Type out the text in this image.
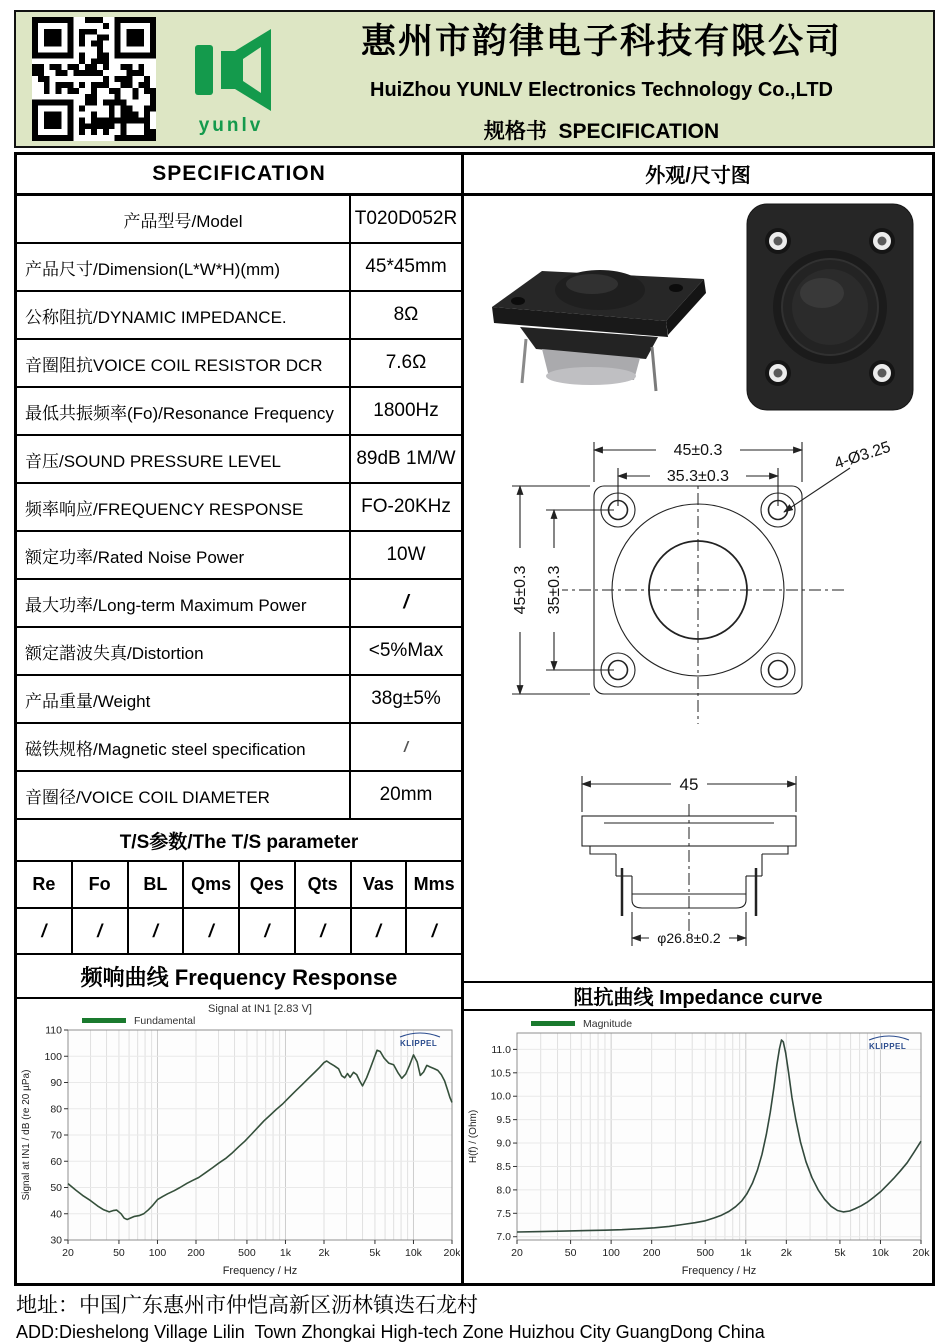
yunlv
惠州市韵律电子科技有限公司
HuiZhou YUNLV Electronics Technology Co.,LTD
规格书  SPECIFICATION
SPECIFICATION
产品型号/Model	T020D052R
产品尺寸/Dimension(L*W*H)(mm)	45*45mm
公称阻抗/DYNAMIC IMPEDANCE.	8Ω
音圈阻抗VOICE COIL RESISTOR DCR	7.6Ω
最低共振频率(Fo)/Resonance Frequency	1800Hz
音压/SOUND PRESSURE LEVEL	89dB 1M/W
频率响应/FREQUENCY RESPONSE	FO-20KHz
额定功率/Rated Noise Power	10W
最大功率/Long-term Maximum Power	/
额定諧波失真/Distortion	<5%Max
产品重量/Weight	38g±5%
磁铁规格/Magnetic steel specification	/
音圈径/VOICE COIL DIAMETER	20mm
T/S参数/The T/S parameter
Re	Fo	BL	Qms	Qes	Qts	Vas	Mms
/	/	/	/	/	/	/	/
频响曲线 Frequency Response
20	50 100 200	500 1k	2k	5k 10k 20k
30
40
50
60
70
80
90
100
110
Fundamental
Signal at IN1 [2.83 V]
Frequency / Hz
Signal at IN1 / dB (re 20 µPa)
KLIPPEL
外观/尺寸图
45±0.3
35.3±0.3
45±0.3 35±0.3
4-Ø3.25
45
φ26.8±0.2
阻抗曲线 Impedance curve
20	50 100 200	500 1k	2k	5k	10k 20k
7.0
7.5
8.0
8.5
9.0
9.5
10.0
10.5
11.0
Magnitude
Frequency / Hz
H(f) / (Ohm)
KLIPPEL
地址：中国广东惠州市仲恺高新区沥林镇迭石龙村
ADD:Dieshelong Village Lilin  Town Zhongkai High-tech Zone Huizhou City GuangDong China
